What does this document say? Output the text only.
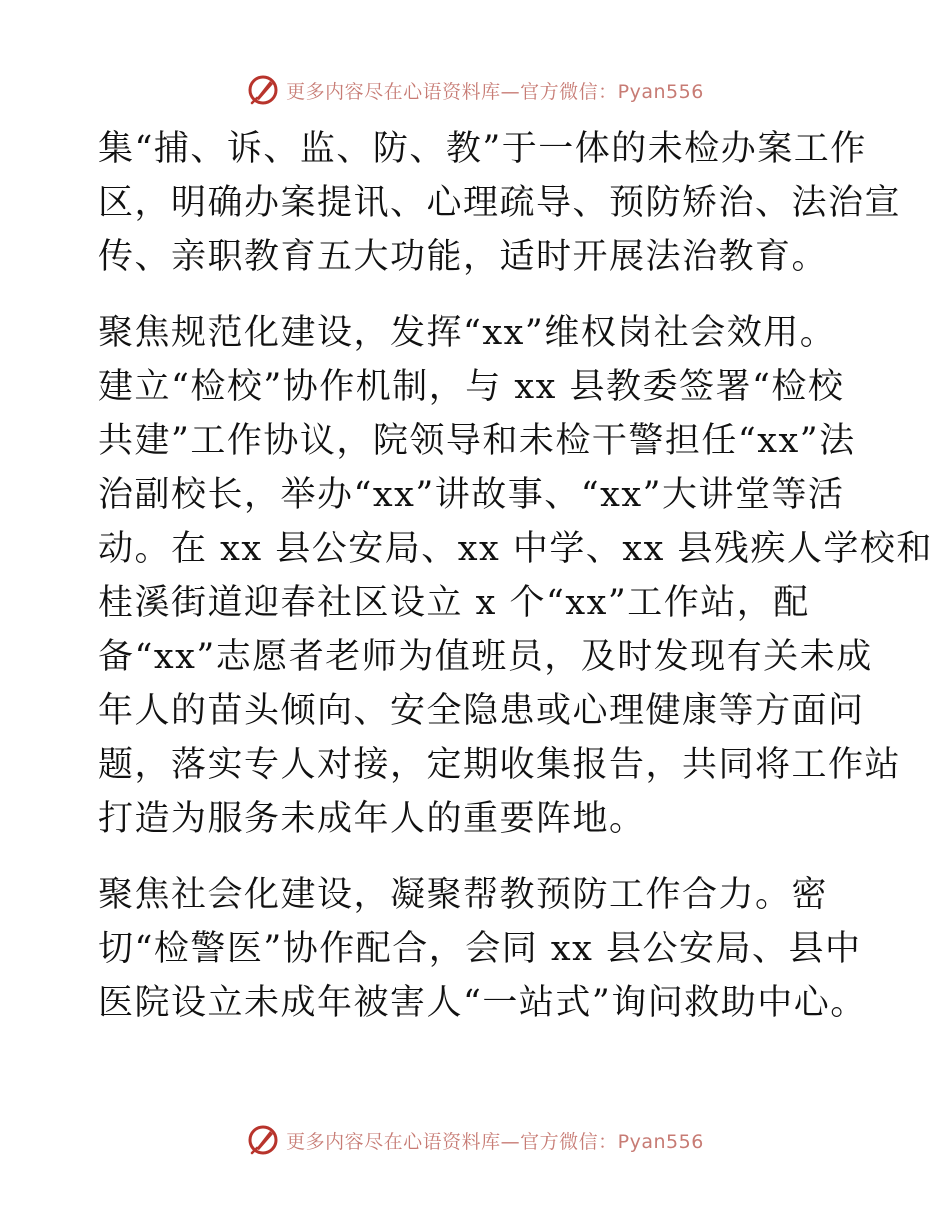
更多内容尽在心语资料库—官方微信：Pyan556
集“捕、诉、监、防、教”于一体的未检办案工作
区，明确办案提讯、心理疏导、预防矫治、法治宣
传、亲职教育五大功能，适时开展法治教育。
聚焦规范化建设，发挥“xx”维权岗社会效用。
建立“检校”协作机制，与 xx 县教委签署“检校
共建”工作协议，院领导和未检干警担任“xx”法
治副校长，举办“xx”讲故事、“xx”大讲堂等活
动。在 xx 县公安局、xx 中学、xx 县残疾人学校和
桂溪街道迎春社区设立 x 个“xx”工作站，配
备“xx”志愿者老师为值班员，及时发现有关未成
年人的苗头倾向、安全隐患或心理健康等方面问
题，落实专人对接，定期收集报告，共同将工作站
打造为服务未成年人的重要阵地。
聚焦社会化建设，凝聚帮教预防工作合力。密
切“检警医”协作配合，会同 xx 县公安局、县中
医院设立未成年被害人“一站式”询问救助中心。
更多内容尽在心语资料库—官方微信：Pyan556
